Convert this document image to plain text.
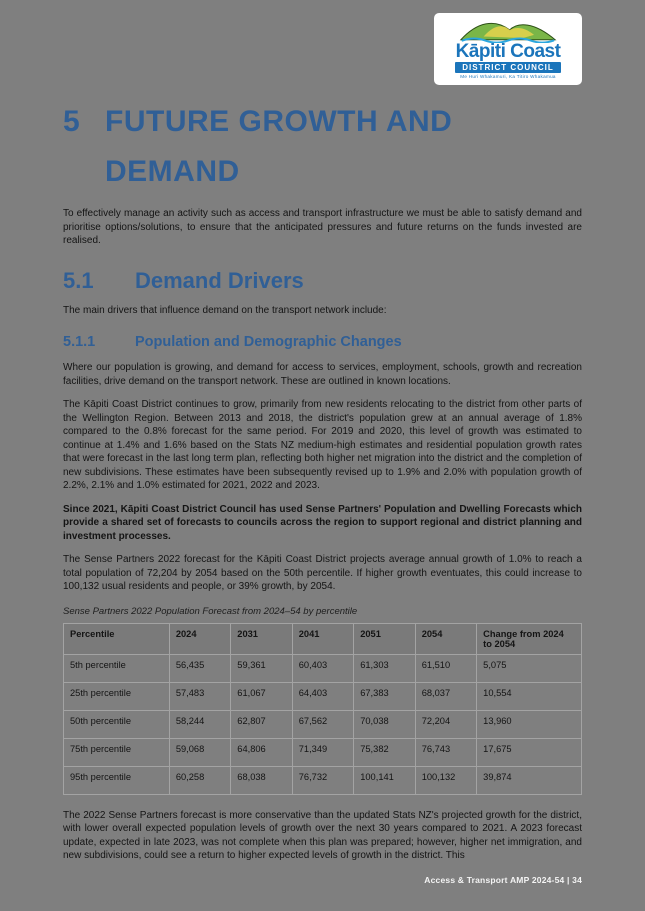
Kāpiti Coast
DISTRICT COUNCIL
Me Huri Whakamuri, Ka Titiro Whakamua
5 FUTURE GROWTH AND
DEMAND

To effectively manage an activity such as access and transport infrastructure we must be able to satisfy demand and prioritise options/solutions, to ensure that the anticipated pressures and future returns on the funds invested are realised.

5.1	Demand Drivers

The main drivers that influence demand on the transport network include:

5.1.1	Population and Demographic Changes

Where our population is growing, and demand for access to services, employment, schools, growth and recreation facilities, drive demand on the transport network. These are outlined in known locations.

The Kāpiti Coast District continues to grow, primarily from new residents relocating to the district from other parts of the Wellington Region. Between 2013 and 2018, the district's population grew at an annual average of 1.8% compared to the 0.8% forecast for the same period. For 2019 and 2020, this level of growth was estimated to continue at 1.4% and 1.6% based on the Stats NZ medium-high estimates and residential population growth rates that were forecast in the last long term plan, reflecting both higher net migration into the district and the completion of new subdivisions. These estimates have been subsequently revised up to 1.9% and 2.0% with population growth of 2.2%, 2.1% and 1.0% estimated for 2021, 2022 and 2023.

Since 2021, Kāpiti Coast District Council has used Sense Partners' Population and Dwelling Forecasts which provide a shared set of forecasts to councils across the region to support regional and district planning and investment processes.

The Sense Partners 2022 forecast for the Kāpiti Coast District projects average annual growth of 1.0% to reach a total population of 72,204 by 2054 based on the 50th percentile. If higher growth eventuates, this could increase to 100,132 usual residents and people, or 39% growth, by 2054.

Sense Partners 2022 Population Forecast from 2024–54 by percentile

Percentile	2024	2031	2041	2051	2054	Change from 2024 to 2054
5th percentile	56,435	59,361	60,403	61,303	61,510	5,075
25th percentile	57,483	61,067	64,403	67,383	68,037	10,554
50th percentile	58,244	62,807	67,562	70,038	72,204	13,960
75th percentile	59,068	64,806	71,349	75,382	76,743	17,675
95th percentile	60,258	68,038	76,732	100,141	100,132	39,874

The 2022 Sense Partners forecast is more conservative than the updated Stats NZ's projected growth for the district, with lower overall expected population levels of growth over the next 30 years compared to 2021. A 2023 forecast update, expected in late 2023, was not complete when this plan was prepared; however, higher net immigration, and new subdivisions, could see a return to higher expected levels of growth in the district. This

Access & Transport AMP 2024-54 | 34
